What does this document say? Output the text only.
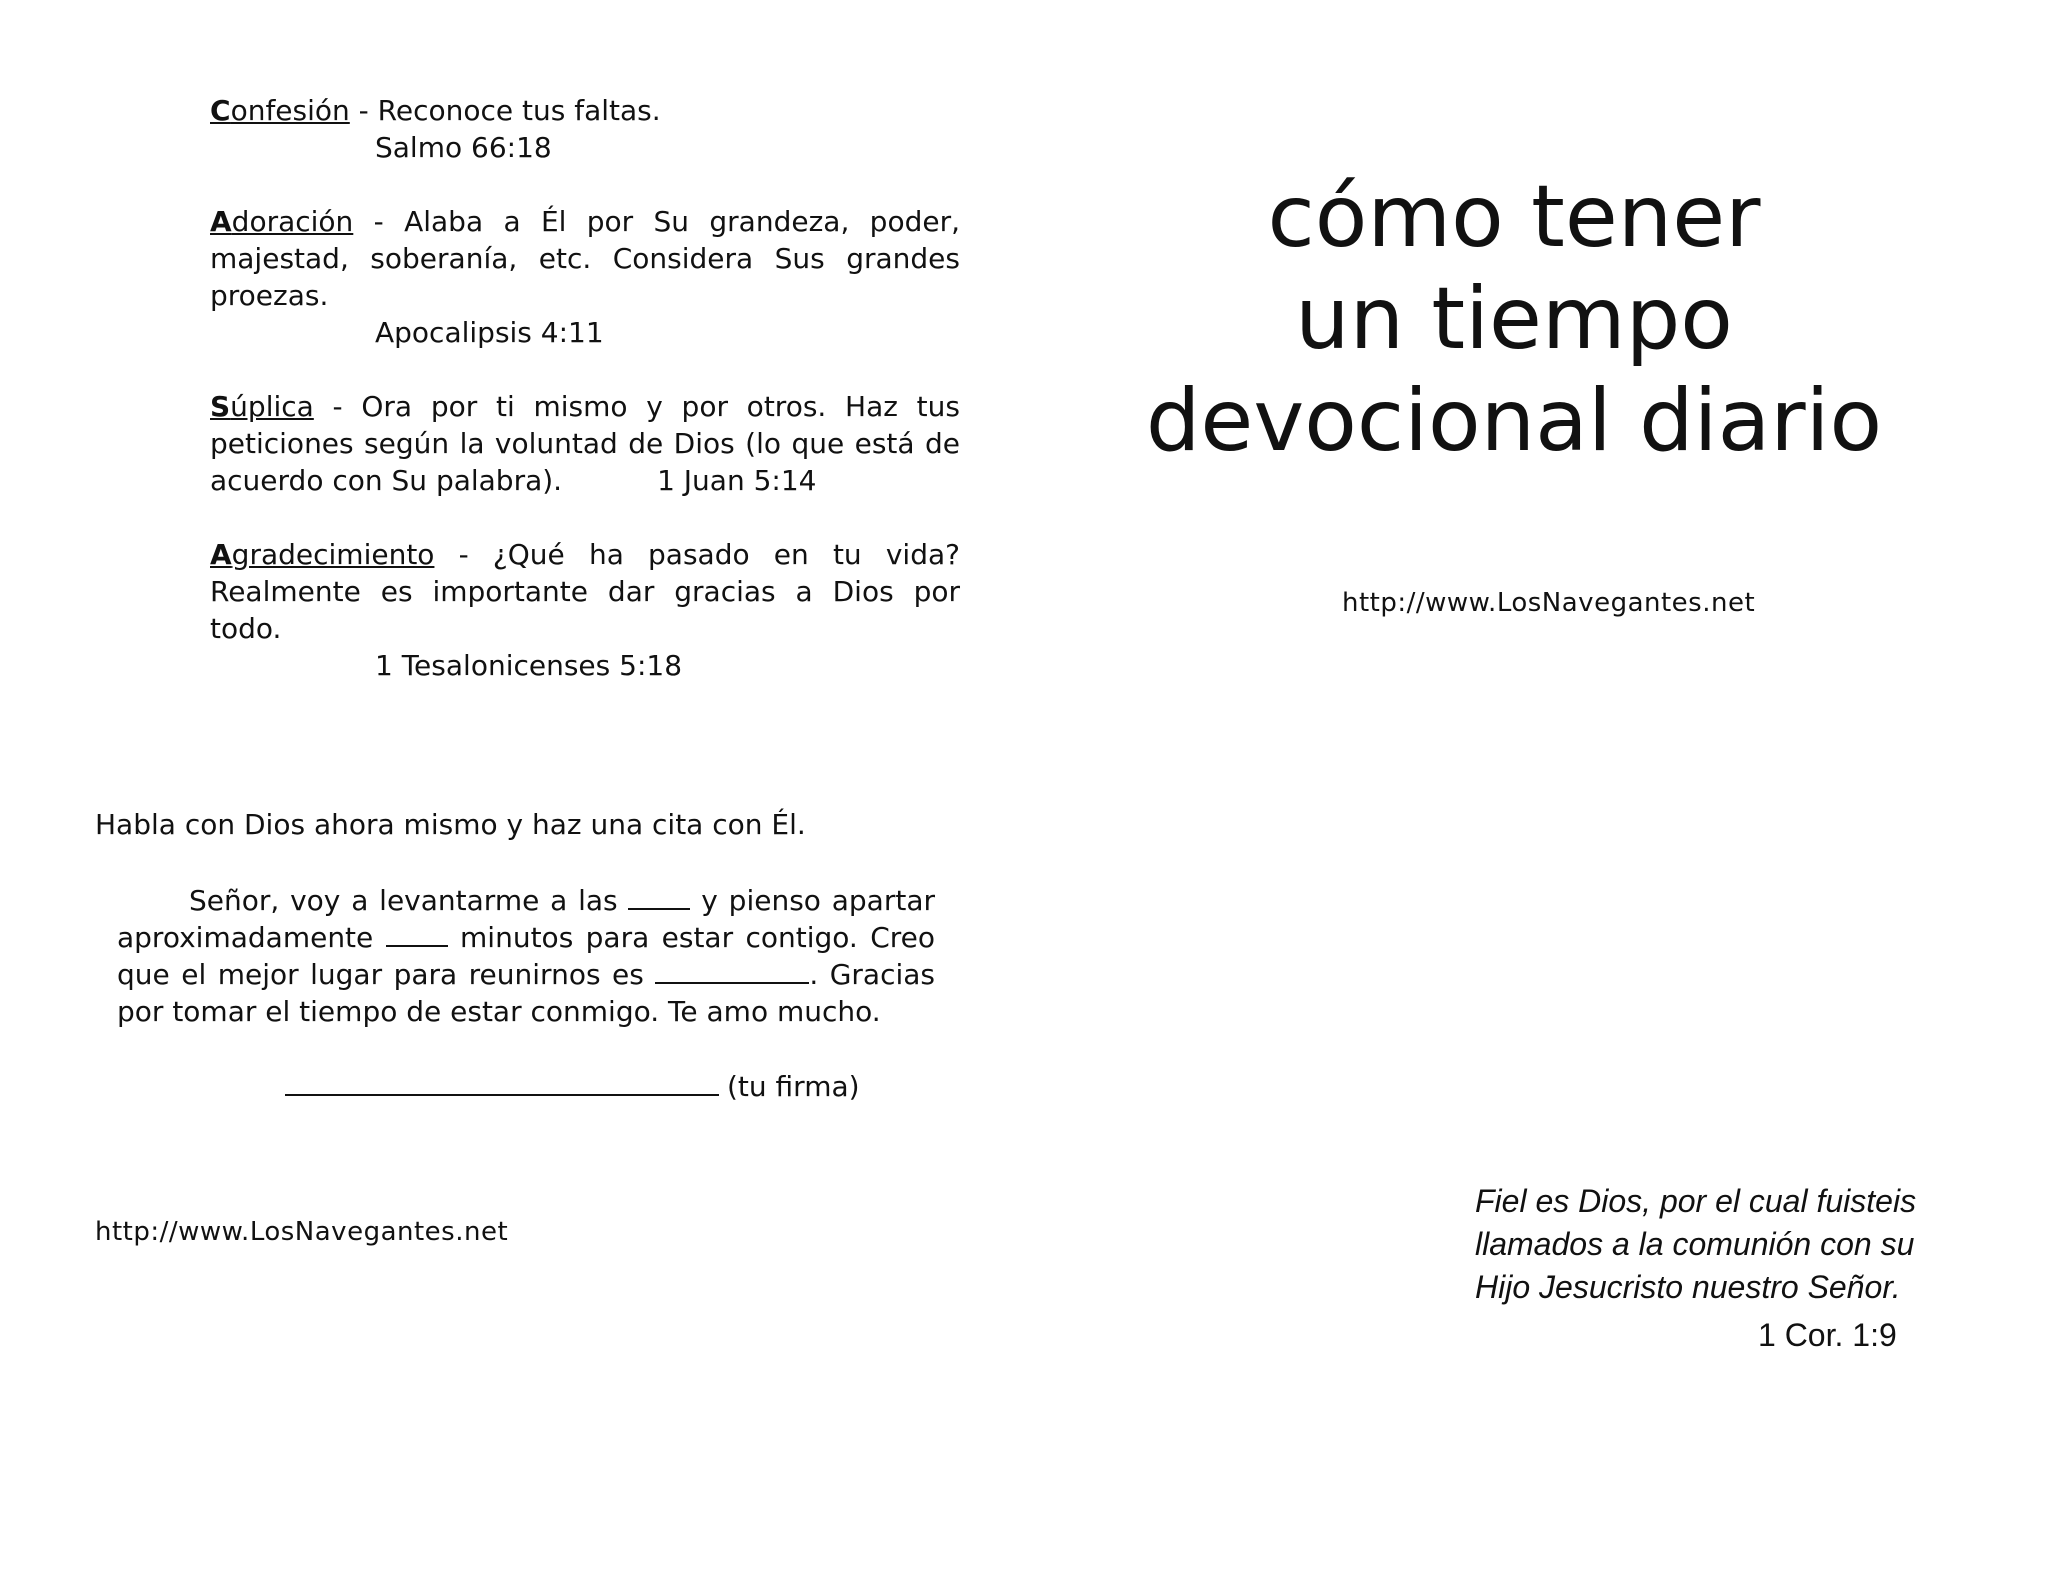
Confesión - Reconoce tus faltas.
Salmo 66:18
Adoración - Alaba a Él por Su grandeza, poder, majestad, soberanía, etc. Considera Sus grandes proezas.
Apocalipsis 4:11
Súplica - Ora por ti mismo y por otros. Haz tus peticiones según la voluntad de Dios (lo que está de acuerdo con Su palabra).	1 Juan 5:14
Agradecimiento - ¿Qué ha pasado en tu vida? Realmente es importante dar gracias a Dios por todo.
1 Tesalonicenses 5:18
Habla con Dios ahora mismo y haz una cita con Él.
Señor, voy a levantarme a las  y pienso apartar aproximadamente  minutos para estar contigo. Creo que el mejor lugar para reunirnos es	. Gracias por tomar el tiempo de estar conmigo. Te amo mucho.
(tu firma)
http://www.LosNavegantes.net
cómo tener
un tiempo
devocional diario
http://www.LosNavegantes.net
Fiel es Dios, por el cual fuisteis
llamados a la comunión con su
Hijo Jesucristo nuestro Señor.
1 Cor. 1:9
